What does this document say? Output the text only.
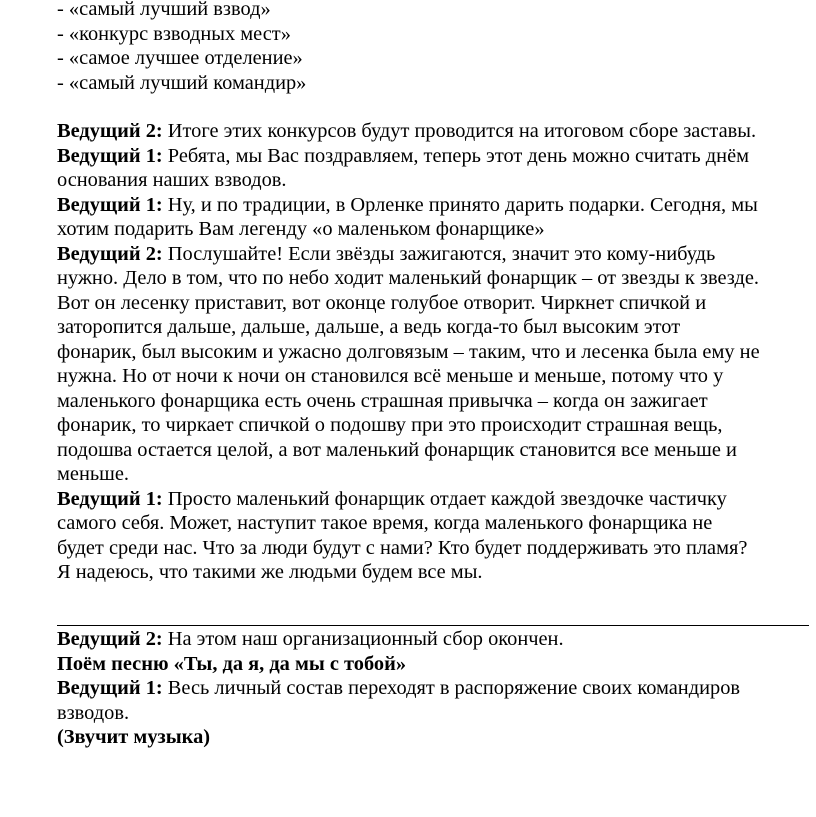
- «самый лучший взвод»
- «конкурс взводных мест»
- «самое лучшее отделение»
- «самый лучший командир»
Ведущий 2: Итоге этих конкурсов будут проводится на итоговом сборе заставы.
Ведущий 1: Ребята, мы Вас поздравляем, теперь этот день можно считать днём
основания наших взводов.
Ведущий 1: Ну, и по традиции, в Орленке принято дарить подарки. Сегодня, мы
хотим подарить Вам легенду «о маленьком фонарщике»
Ведущий 2: Послушайте! Если звёзды зажигаются, значит это кому-нибудь
нужно. Дело в том, что по небо ходит маленький фонарщик – от звезды к звезде.
Вот он лесенку приставит, вот оконце голубое отворит. Чиркнет спичкой и
заторопится дальше, дальше, дальше, а ведь когда-то был высоким этот
фонарик, был высоким и ужасно долговязым – таким, что и лесенка была ему не
нужна. Но от ночи к ночи он становился всё меньше и меньше, потому что у
маленького фонарщика есть очень страшная привычка – когда он зажигает
фонарик, то чиркает спичкой о подошву при это происходит страшная вещь,
подошва остается целой, а вот маленький фонарщик становится все меньше и
меньше.
Ведущий 1: Просто маленький фонарщик отдает каждой звездочке частичку
самого себя. Может, наступит такое время, когда маленького фонарщика не
будет среди нас. Что за люди будут с нами? Кто будет поддерживать это пламя?
Я надеюсь, что такими же людьми будем все мы.
Ведущий 2: На этом наш организационный сбор окончен.
Поём песню «Ты, да я, да мы с тобой»
Ведущий 1: Весь личный состав переходят в распоряжение своих командиров
взводов.
(Звучит музыка)
